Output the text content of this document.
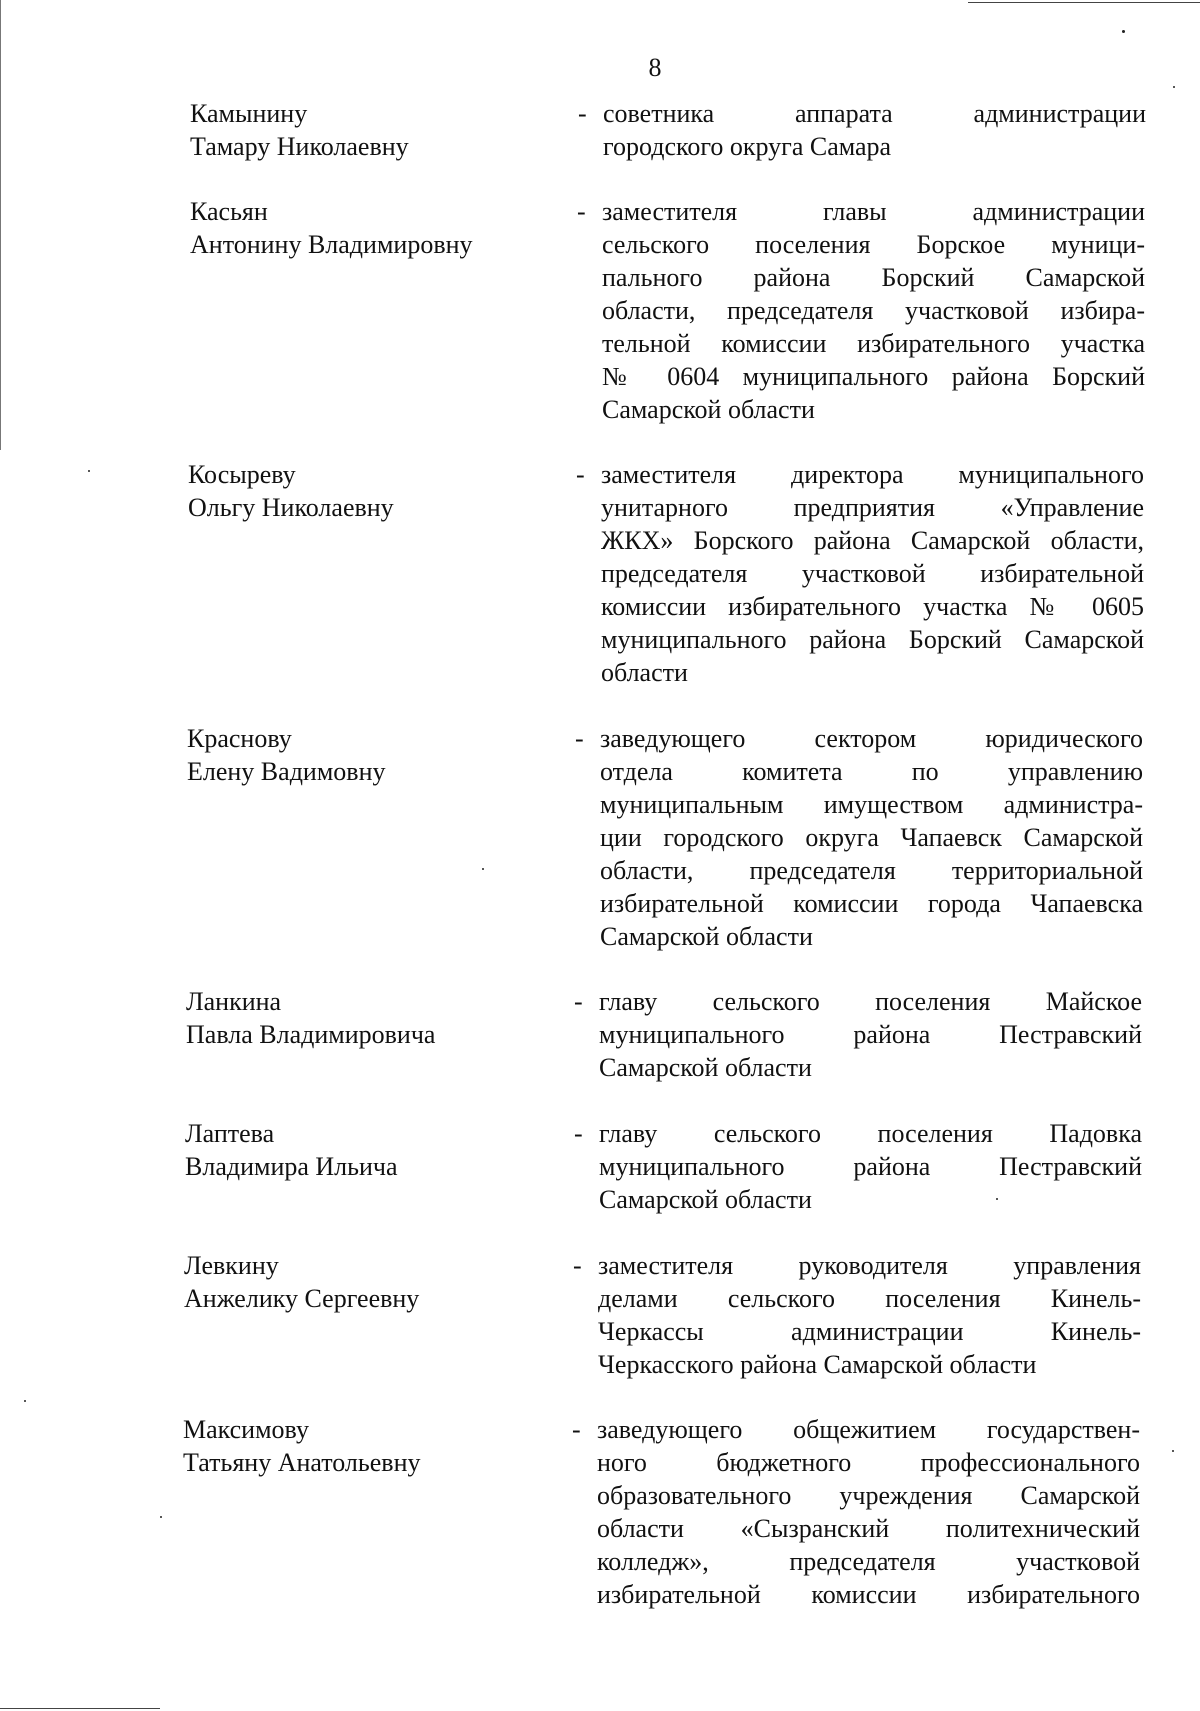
8
Камынину
Тамару Николаевну
- советника аппарата администрации
городского округа Самара
Касьян
Антонину Владимировну
- заместителя главы администрации
сельского поселения Борское муници-
пального района Борский Самарской
области, председателя участковой избира-
тельной комиссии избирательного участка
№ 0604 муниципального района Борский
Самарской области
Косыреву
Ольгу Николаевну
- заместителя директора муниципального
унитарного предприятия «Управление
ЖКХ» Борского района Самарской области,
председателя участковой избирательной
комиссии избирательного участка № 0605
муниципального района Борский Самарской
области
Краснову
Елену Вадимовну
- заведующего сектором юридического
отдела комитета по управлению
муниципальным имуществом администра-
ции городского округа Чапаевск Самарской
области, председателя территориальной
избирательной комиссии города Чапаевска
Самарской области
Ланкина
Павла Владимировича
- главу сельского поселения Майское
муниципального района Пестравский
Самарской области
Лаптева
Владимира Ильича
- главу сельского поселения Падовка
муниципального района Пестравский
Самарской области
Левкину
Анжелику Сергеевну
- заместителя руководителя управления
делами сельского поселения Кинель-
Черкассы администрации Кинель-
Черкасского района Самарской области
Максимову
Татьяну Анатольевну
- заведующего общежитием государствен-
ного бюджетного профессионального
образовательного учреждения Самарской
области «Сызранский политехнический
колледж», председателя участковой
избирательной комиссии избирательного
